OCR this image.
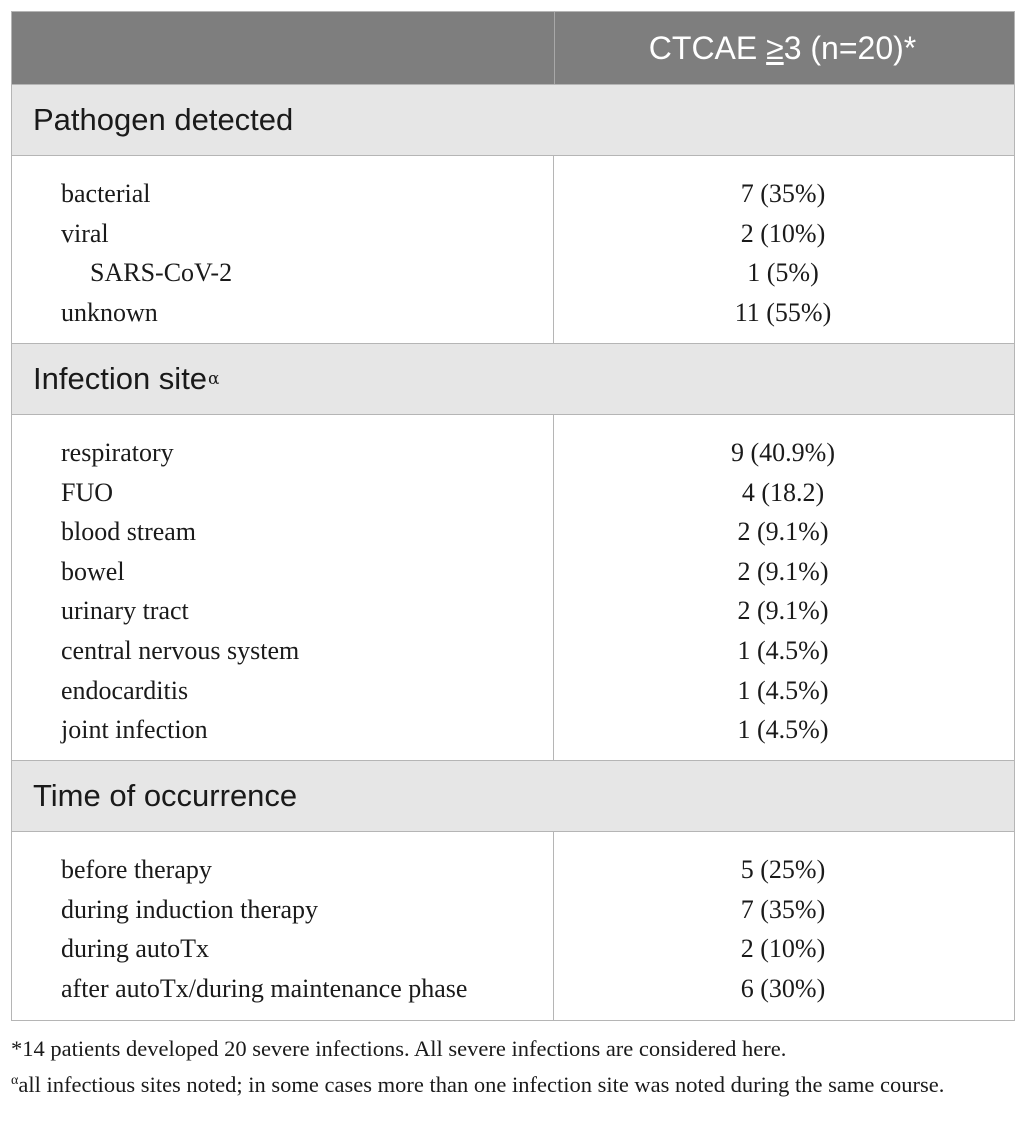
CTCAE ≥ 3 (n=20)*
Pathogen detected
bacterial
viral
SARS-CoV-2
unknown
7 (35%)
2 (10%)
1 (5%)
11 (55%)
Infection site α
respiratory
FUO
blood stream
bowel
urinary tract
central nervous system
endocarditis
joint infection
9 (40.9%)
4 (18.2)
2 (9.1%)
2 (9.1%)
2 (9.1%)
1 (4.5%)
1 (4.5%)
1 (4.5%)
Time of occurrence
before therapy
during induction therapy
during autoTx
after autoTx/during maintenance phase
5 (25%)
7 (35%)
2 (10%)
6 (30%)

*14 patients developed 20 severe infections. All severe infections are considered here.

$^\alpha$all infectious sites noted; in some cases more than one infection site was noted during the same course.
